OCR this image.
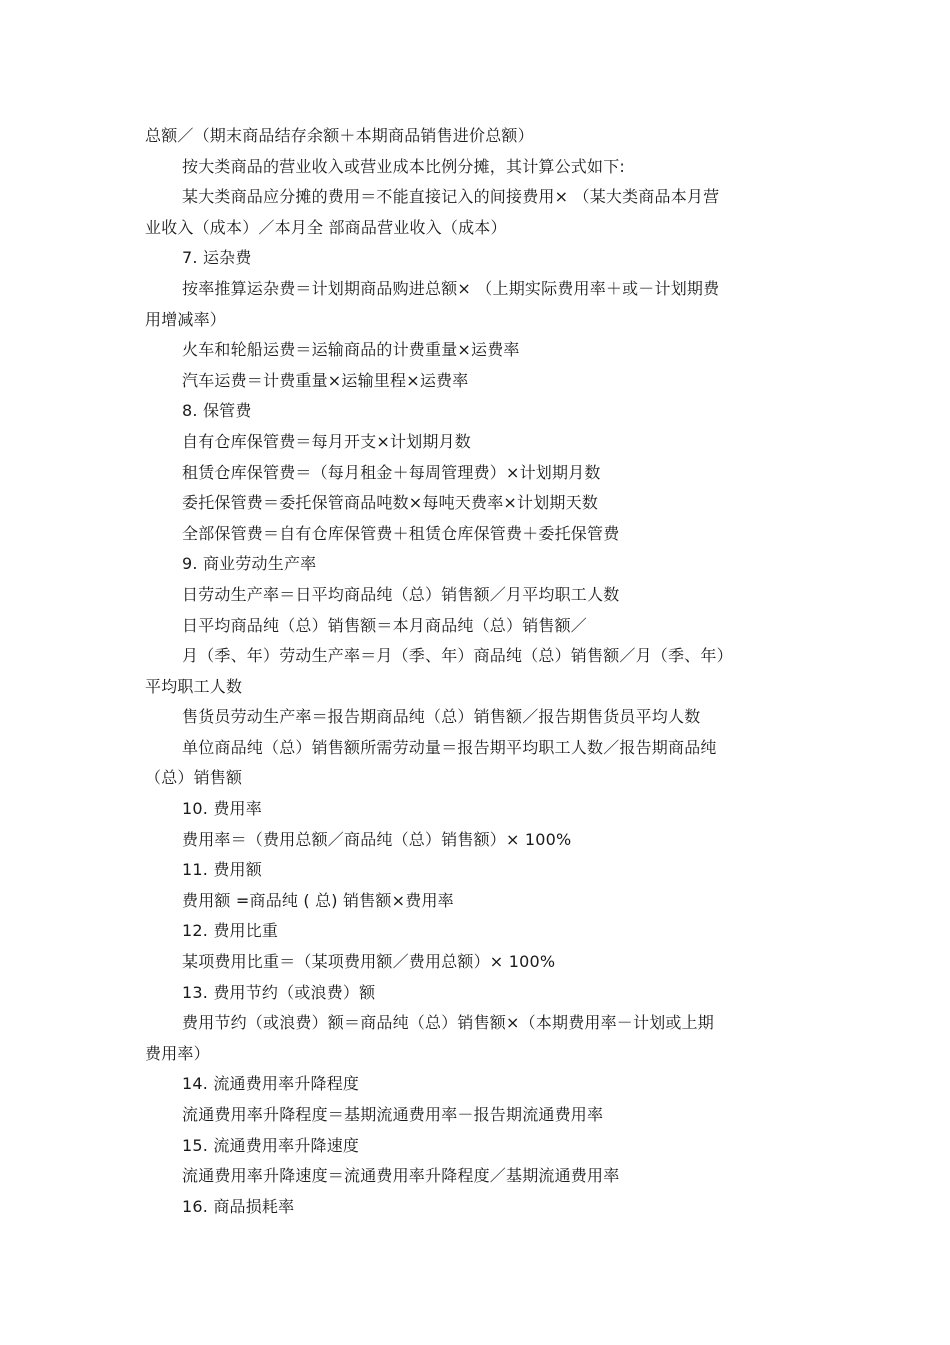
总额／（期末商品结存余额＋本期商品销售进价总额）
按大类商品的营业收入或营业成本比例分摊，其计算公式如下:
某大类商品应分摊的费用＝不能直接记入的间接费用× （某大类商品本月营
业收入（成本）／本月全 部商品营业收入（成本）
7. 运杂费
按率推算运杂费＝计划期商品购进总额× （上期实际费用率＋或－计划期费
用增减率）
火车和轮船运费＝运输商品的计费重量×运费率
汽车运费＝计费重量×运输里程×运费率
8. 保管费
自有仓库保管费＝每月开支×计划期月数
租赁仓库保管费＝（每月租金＋每周管理费）×计划期月数
委托保管费＝委托保管商品吨数×每吨天费率×计划期天数
全部保管费＝自有仓库保管费＋租赁仓库保管费＋委托保管费
9. 商业劳动生产率
日劳动生产率＝日平均商品纯（总）销售额／月平均职工人数
日平均商品纯（总）销售额＝本月商品纯（总）销售额／
月（季、年）劳动生产率＝月（季、年）商品纯（总）销售额／月（季、年）
平均职工人数
售货员劳动生产率＝报告期商品纯（总）销售额／报告期售货员平均人数
单位商品纯（总）销售额所需劳动量＝报告期平均职工人数／报告期商品纯
（总）销售额
10. 费用率
费用率＝（费用总额／商品纯（总）销售额）× 100%
11. 费用额
费用额 =商品纯 ( 总) 销售额×费用率
12. 费用比重
某项费用比重＝（某项费用额／费用总额）× 100%
13. 费用节约（或浪费）额
费用节约（或浪费）额＝商品纯（总）销售额×（本期费用率－计划或上期
费用率）
14. 流通费用率升降程度
流通费用率升降程度＝基期流通费用率－报告期流通费用率
15. 流通费用率升降速度
流通费用率升降速度＝流通费用率升降程度／基期流通费用率
16. 商品损耗率
